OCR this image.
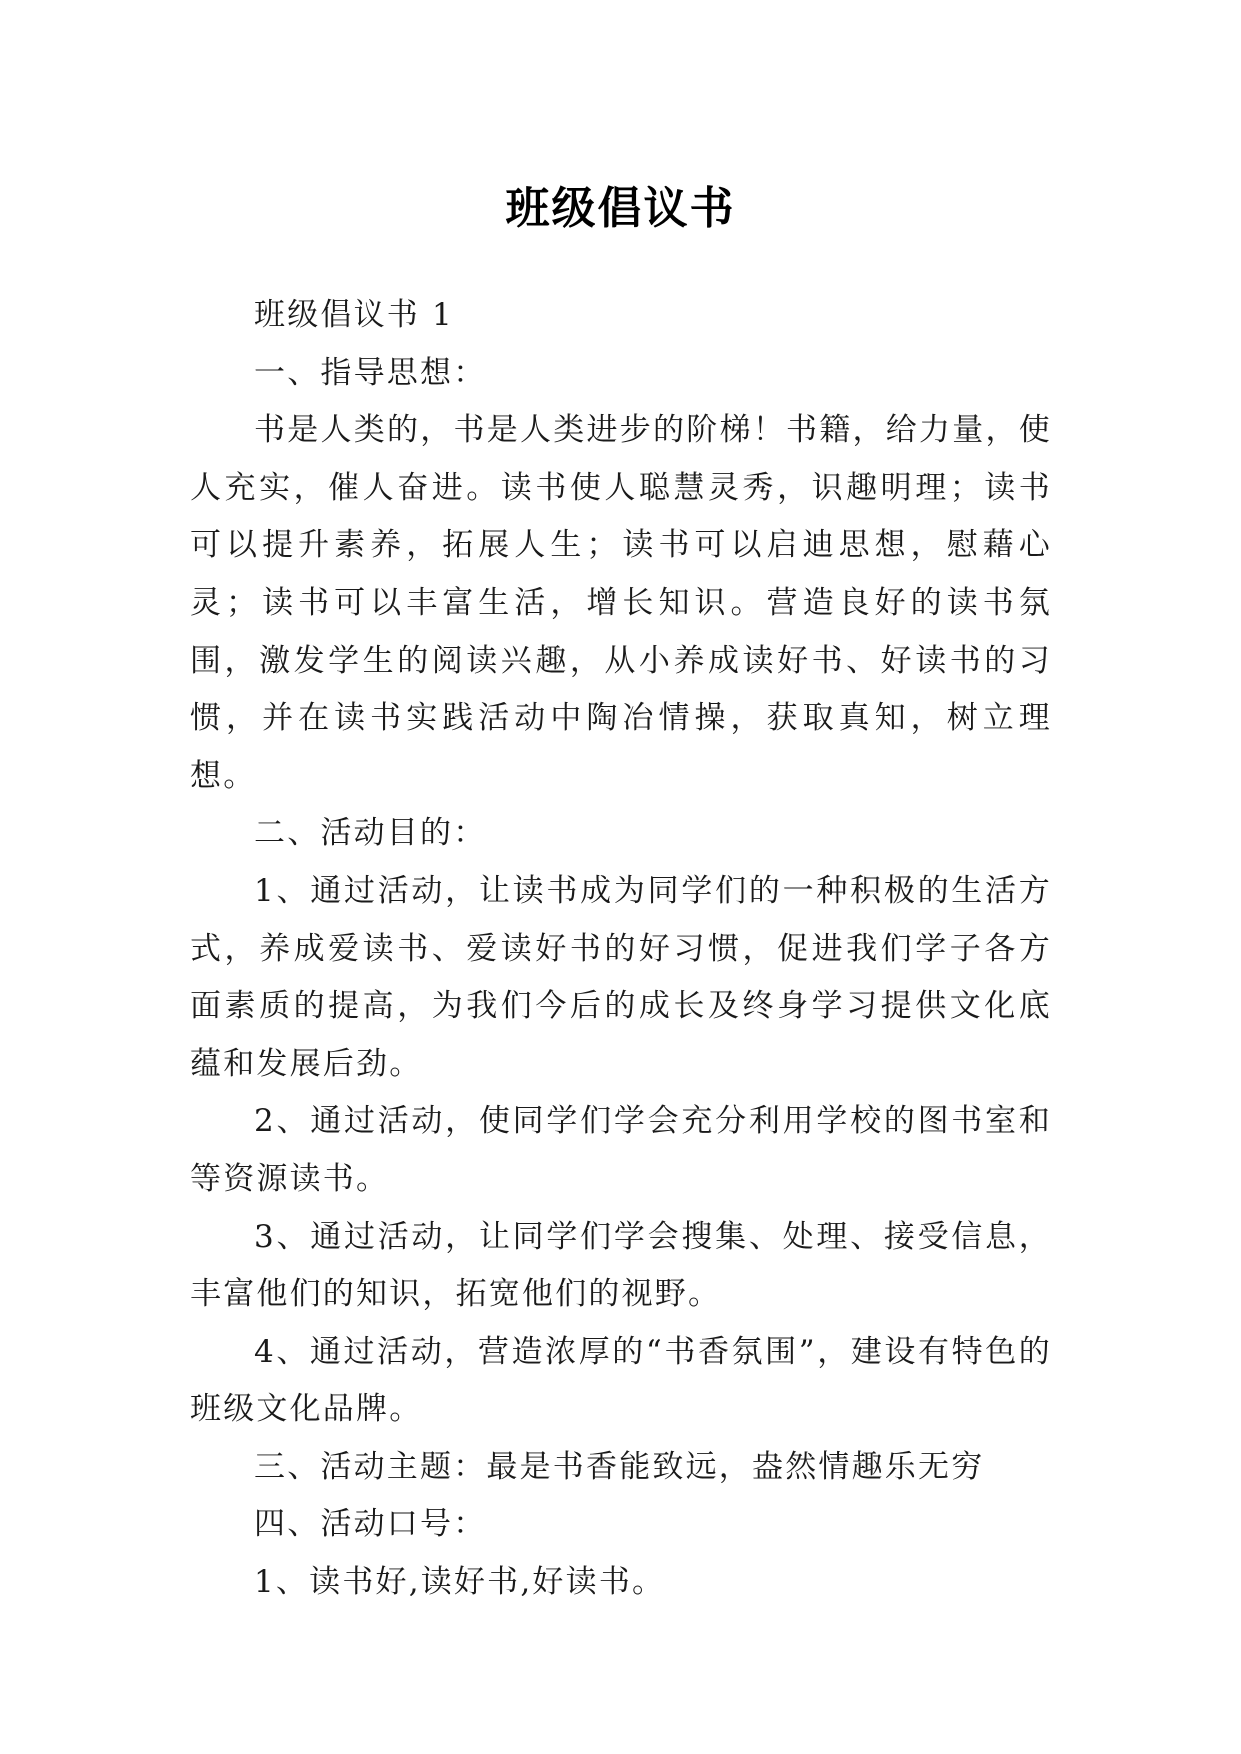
班级倡议书

班级倡议书 1

一、指导思想：

书是人类的，书是人类进步的阶梯！书籍，给力量，使人充实，催人奋进。读书使人聪慧灵秀，识趣明理；读书可以提升素养，拓展人生；读书可以启迪思想，慰藉心灵；读书可以丰富生活，增长知识。营造良好的读书氛围，激发学生的阅读兴趣，从小养成读好书、好读书的习惯，并在读书实践活动中陶冶情操，获取真知，树立理想。

二、活动目的：

1、通过活动，让读书成为同学们的一种积极的生活方式，养成爱读书、爱读好书的好习惯，促进我们学子各方面素质的提高，为我们今后的成长及终身学习提供文化底蕴和发展后劲。

2、通过活动，使同学们学会充分利用学校的图书室和等资源读书。

3、通过活动，让同学们学会搜集、处理、接受信息，丰富他们的知识，拓宽他们的视野。

4、通过活动，营造浓厚的“书香氛围”，建设有特色的班级文化品牌。

三、活动主题：最是书香能致远，盎然情趣乐无穷

四、活动口号：

1、读书好,读好书,好读书。
